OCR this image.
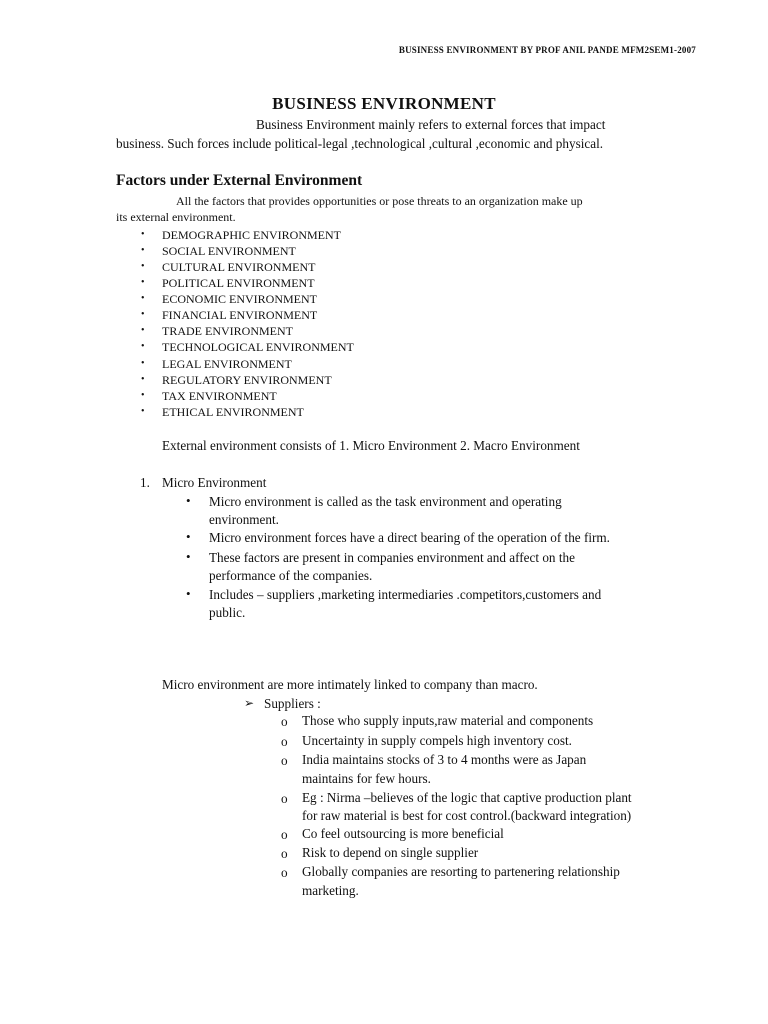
BUSINESS ENVIRONMENT BY PROF ANIL PANDE MFM2SEM1-2007
BUSINESS ENVIRONMENT
Business Environment mainly refers to external forces that impact
business. Such forces include political-legal ,technological ,cultural ,economic and physical.
Factors under External Environment
All the factors that provides opportunities or pose threats to an organization make up
its external environment.
• DEMOGRAPHIC ENVIRONMENT
• SOCIAL ENVIRONMENT
• CULTURAL ENVIRONMENT
• POLITICAL ENVIRONMENT
• ECONOMIC ENVIRONMENT
• FINANCIAL ENVIRONMENT
• TRADE ENVIRONMENT
• TECHNOLOGICAL ENVIRONMENT
• LEGAL ENVIRONMENT
• REGULATORY ENVIRONMENT
• TAX ENVIRONMENT
• ETHICAL ENVIRONMENT
External environment consists of 1. Micro Environment 2. Macro Environment
1. Micro Environment
• Micro environment is called as the task environment and operating
environment.
• Micro environment forces have a direct bearing of the operation of the firm.
• These factors are present in companies environment and affect on the
performance of the companies.
• Includes – suppliers ,marketing intermediaries .competitors,customers and
public.
Micro environment are more intimately linked to company than macro.
➢ Suppliers :
o Those who supply inputs,raw material and components
o Uncertainty in supply compels high inventory cost.
o India maintains stocks of 3 to 4 months were as Japan
maintains for few hours.
o Eg : Nirma –believes of the logic that captive production plant
for raw material is best for cost control.(backward integration)
o Co feel outsourcing is more beneficial
o Risk to depend on single supplier
o Globally companies are resorting to partenering relationship
marketing.
